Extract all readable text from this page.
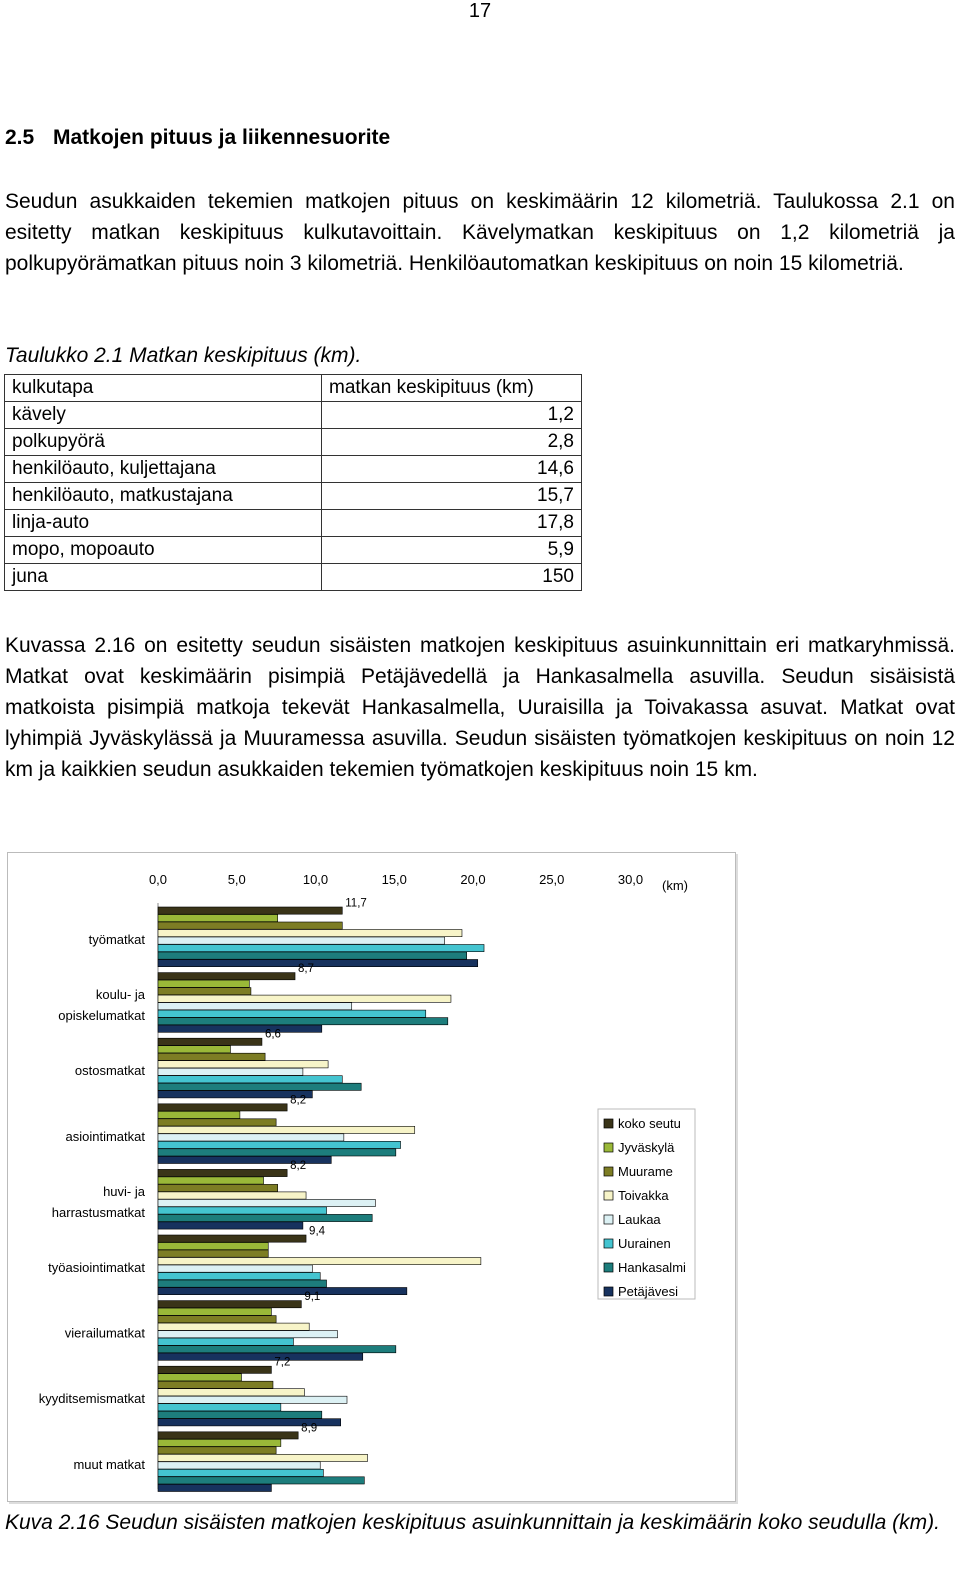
17
2.5 Matkojen pituus ja liikennesuorite

Seudun asukkaiden tekemien matkojen pituus on keskimäärin 12 kilometriä. Taulukossa 2.1 on esitetty matkan keskipituus kulkutavoittain. Kävelymatkan keskipituus on 1,2 kilometriä ja polkupyörämatkan pituus noin 3 kilometriä. Henkilöautomatkan keskipituus on noin 15 kilometriä.

Taulukko 2.1 Matkan keskipituus (km).
kulkutapa	matkan keskipituus (km)
kävely	1,2
polkupyörä	2,8
henkilöauto, kuljettajana	14,6
henkilöauto, matkustajana	15,7
linja-auto	17,8
mopo, mopoauto	5,9
juna	150

Kuvassa 2.16 on esitetty seudun sisäisten matkojen keskipituus asuinkunnittain eri matkaryhmissä. Matkat ovat keskimäärin pisimpiä Petäjävedellä ja Hankasalmella asuvilla. Seudun sisäisistä matkoista pisimpiä matkoja tekevät Hankasalmella, Uuraisilla ja Toivakassa asuvat. Matkat ovat lyhimpiä Jyväskylässä ja Muuramessa asuvilla. Seudun sisäisten työmatkojen keskipituus on noin 12 km ja kaikkien seudun asukkaiden tekemien työmatkojen keskipituus noin 15 km.

0,0	5,0	10,0	15,0	20,0	25,0	30,0 (km)
työmatkat
11,7
koulu- ja
opiskelumatkat
8,7
ostosmatkat
6,6
asiointimatkat
8,2
huvi- ja
harrastusmatkat
8,2
työasiointimatkat
9,4
vierailumatkat
9,1
kyyditsemismatkat
7,2
muut matkat
8,9
koko seutu
Jyväskylä
Muurame
Toivakka
Laukaa
Uurainen
Hankasalmi
Petäjävesi

Kuva 2.16 Seudun sisäisten matkojen keskipituus asuinkunnittain ja keskimäärin koko seudulla (km).
